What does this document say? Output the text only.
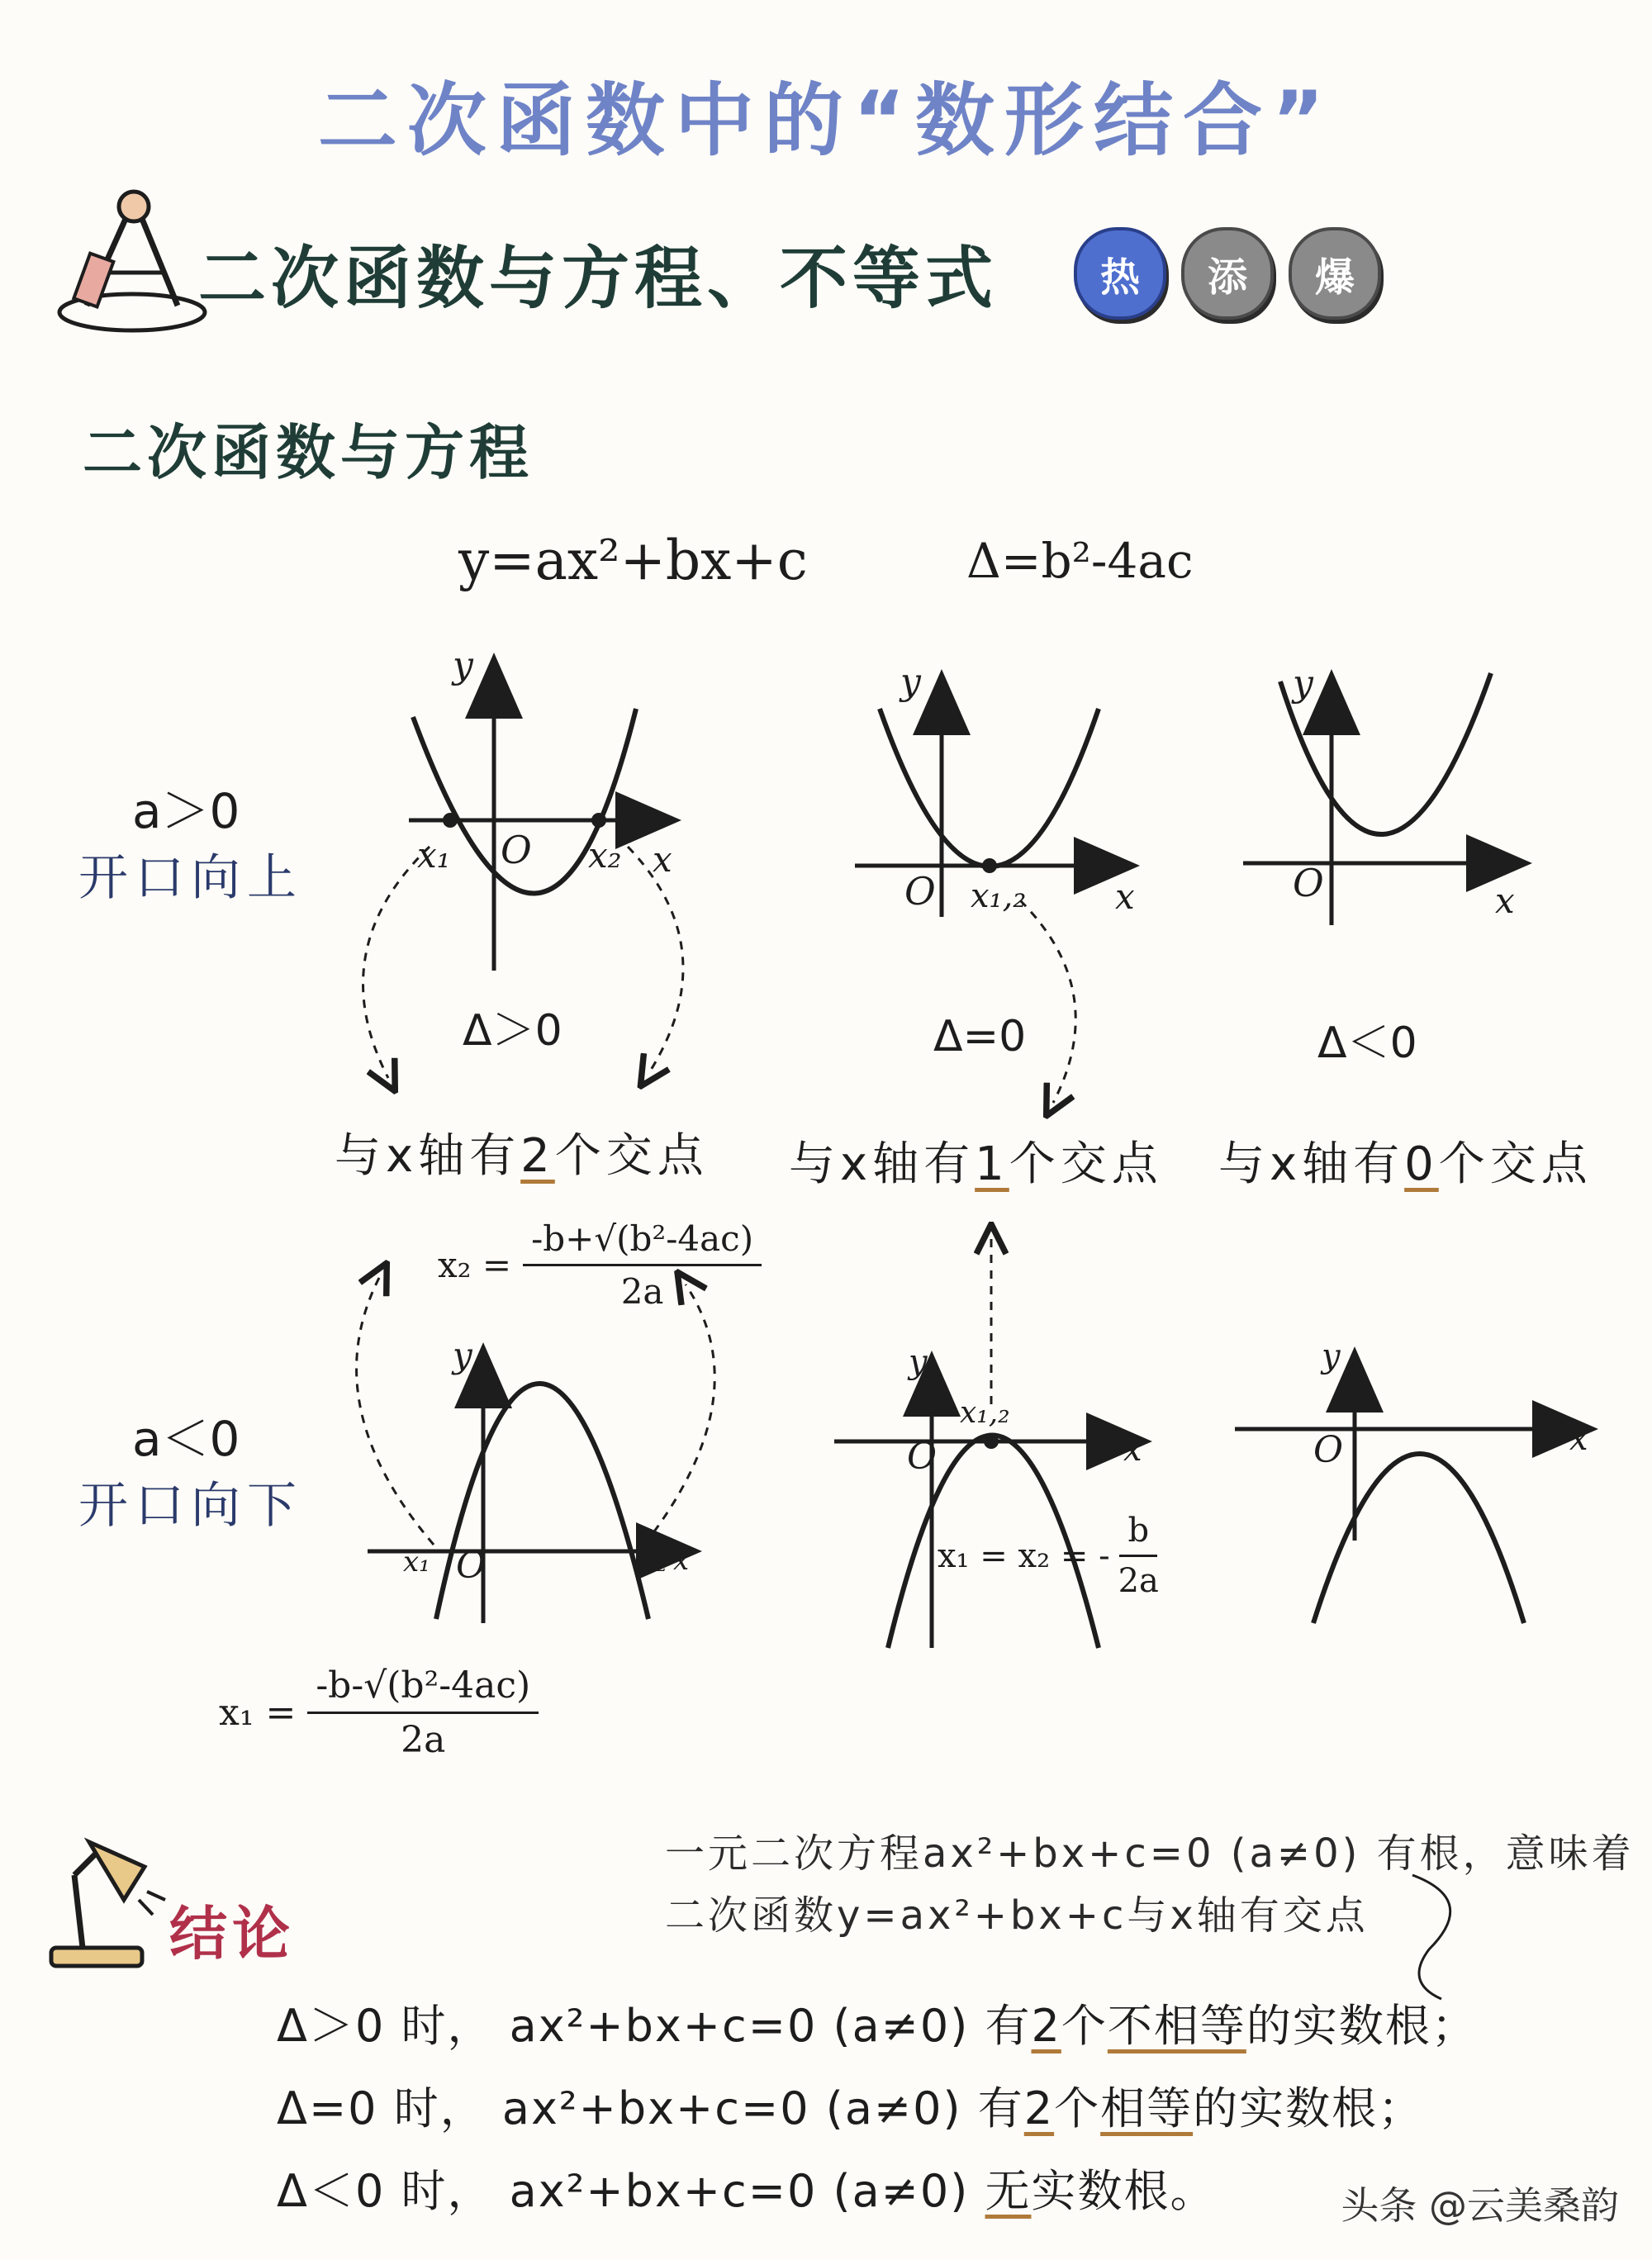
二次函数中的“数形结合”
y
O
x₁	x₂ x
y
O x₁,₂	x
y
O	x
y
O
x₁	x₂ x
y
O
x₁,₂
x
y
O	x
二次函数与方程、不等式	热	添	爆
二次函数与方程
y=ax²+bx+c	Δ=b²-4ac
a＞0
开口向上
a＜0
开口向下
Δ＞0	Δ=0	Δ＜0
与x轴有2个交点 与x轴有1个交点 与x轴有0个交点
$x_2 = \frac{\text{-b+√(b²-4ac)}}{2a}$
$x_1 = \frac{\text{-b-√(b²-4ac)}}{2a}$
x₁ = x₂ = - $\frac{b}{2a}$
一元二次方程ax²+bx+c=0 (a≠0) 有根，意味着
二次函数y=ax²+bx+c与x轴有交点
结论
Δ＞0 时， ax²+bx+c=0 (a≠0) 有2个不相等的实数根；
Δ=0 时， ax²+bx+c=0 (a≠0) 有2个相等的实数根；
Δ＜0 时， ax²+bx+c=0 (a≠0) 无实数根。	头条 @云美桑韵
